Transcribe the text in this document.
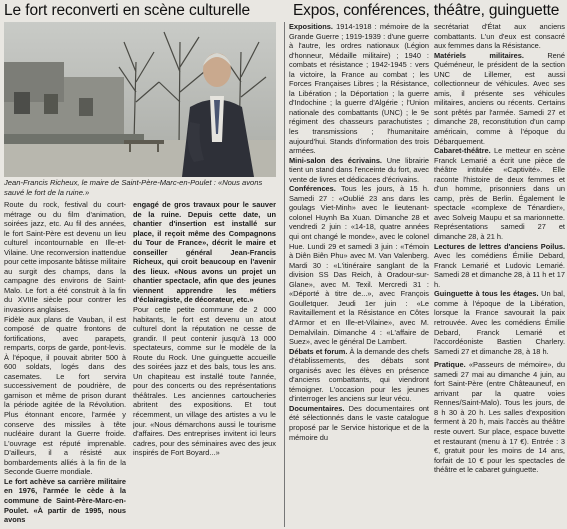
Le fort reconverti en scène culturelle	Expos, conférences, théâtre, guinguette

Jean-Francis Richeux, le maire de Saint-Père-Marc-en-Poulet : «Nous avons sauvé le fort de la ruine.»

Route du rock, festival du court-métrage ou du film d'animation, soirées jazz, etc. Au fil des années, le fort Saint-Père est devenu un lieu culturel incontournable en Ille-et-Vilaine. Une reconversion inattendue pour cette imposante bâtisse militaire au surgit des champs, dans la campagne des environs de Saint-Malo. Le fort a été construit à la fin du XVIIIe siècle pour contrer les invasions anglaises.

Fidèle aux plans de Vauban, il est composé de quatre frontons de fortifications, avec parapets, remparts, corps de garde, pont-levis. À l'époque, il pouvait abriter 500 à 600 soldats, logés dans des casemates. Le fort servira successivement de poudrière, de garnison et même de prison durant la période agitée de la Révolution. Plus étonnant encore, l'armée y conserve des missiles à tête nucléaire durant la Guerre froide. L'ouvrage est réputé imprenable. D'ailleurs, il a résisté aux bombardements alliés à la fin de la Seconde Guerre mondiale.

Le fort achève sa carrière militaire en 1976, l'armée le cède à la commune de Saint-Père-Marc-en-Poulet. «À partir de 1995, nous avons

engagé de gros travaux pour le sauver de la ruine. Depuis cette date, un chantier d'insertion est installé sur place, il reçoit même des Compagnons du Tour de France», décrit le maire et conseiller général Jean-Francis Richeux, qui croit beaucoup en l'avenir des lieux. «Nous avons un projet un chantier spectacle, afin que des jeunes viennent apprendre les métiers d'éclairagiste, de décorateur, etc.»

Pour cette petite commune de 2 000 habitants, le fort est devenu un atout culturel dont la réputation ne cesse de grandir. Il peut contenir jusqu'à 13 000 spectateurs, comme sur le modèle de la Route du Rock. Une guinguette accueille des soirées jazz et des bals, tous les ans. Un chapiteau est installé toute l'année, pour des concerts ou des représentations théâtrales. Les anciennes cartoucheries abritent des expositions. Et tout récemment, un village des artistes a vu le jour. «Nous démarchons aussi le tourisme d'affaires. Des entreprises invitent ici leurs cadres, pour des séminaires avec des jeux inspirés de Fort Boyard...»

Expositions. 1914-1918 : mémoire de la Grande Guerre ; 1919-1939 : d'une guerre à l'autre, les ordres nationaux (Légion d'honneur, Médaille militaire) ; 1940 : combats et résistance ; 1942-1945 : vers la victoire, la France au combat ; les Forces Françaises Libres ; la Résistance, la Libération ; la Déportation ; la guerre d'Indochine ; la guerre d'Algérie ; l'Union nationale des combattants (UNC) ; le 9e régiment des chasseurs parachutistes ; les transmissions ; l'humanitaire aujourd'hui. Stands d'information des trois armées.

Mini-salon des écrivains. Une librairie tient un stand dans l'enceinte du fort, avec vente de livres et dédicaces d'écrivains.

Conférences. Tous les jours, à 15 h. Samedi 27 : «Oublié 23 ans dans les goulags Viet-Minh» avec le lieutenant-colonel Huynh Ba Xuan. Dimanche 28 et vendredi 2 juin : «14-18, quatre années qui ont changé le monde», avec le colonel Hue. Lundi 29 et samedi 3 juin : «Témoin à Diên Biên Phu» avec M. Van Valenberg. Mardi 30 : «L'itinéraire sanglant de la division SS Das Reich, à Oradour-sur-Glane», avec M. Texil. Mercredi 31 : «Déporté à titre de...», avec François Goulletquer. Jeudi 1er juin : «Le Ravitaillement et la Résistance en Côtes d'Armor et en Ille-et-Vilaine», avec M. Demalvilain. Dimanche 4 : «L'affaire de Suez», avec le général De Lambert.

Débats et forum. À la demande des chefs d'établissements, des débats sont organisés avec les élèves en présence d'anciens combattants, qui viendront témoigner. L'occasion pour les jeunes d'interroger les anciens sur leur vécu.

Documentaires. Des documentaires ont été sélectionnés dans le vaste catalogue proposé par le Service historique et de la mémoire du

secrétariat d'État aux anciens combattants. L'un d'eux est consacré aux femmes dans la Résistance.

Matériels militaires. René Quéméneur, le président de la section UNC de Lillemer, est aussi collectionneur de véhicules. Avec ses amis, il présente ses véhicules militaires, anciens ou récents. Certains sont prêtés par l'armée. Samedi 27 et dimanche 28, reconstitution d'un camp américain, comme à l'époque du Débarquement.

Cabaret-théâtre. Le metteur en scène Franck Lemarié a écrit une pièce de théâtre intitulée «Captivité». Elle raconte l'histoire de deux femmes et d'un homme, prisonniers dans un camp, près de Berlin. Également le spectacle «complexe de Ténardier», avec Solveig Maupu et sa marionnette. Représentations samedi 27 et dimanche 28, à 21 h.

Lectures de lettres d'anciens Poilus. Avec les comédiens Émilie Debard, Franck Lemarié et Ludovic Lemarié. Samedi 28 et dimanche 28, à 11 h et 17 h.

Guinguette à tous les étages. Un bal, comme à l'époque de la Libération, lorsque la France savourait la paix retrouvée. Avec les comédiens Émilie Debard, Franck Lemarié et l'accordéoniste Bastien Charlery. Samedi 27 et dimanche 28, à 18 h.

Pratique. «Passeurs de mémoire», du samedi 27 mai au dimanche 4 juin, au fort Saint-Père (entre Châteauneuf, en arrivant par la quatre voies Rennes/Saint-Malo). Tous les jours, de 8 h 30 à 20 h. Les salles d'exposition ferment à 20 h, mais l'accès au théâtre reste ouvert. Sur place, espace buvette et restaurant (menu à 17 €). Entrée : 3 €, gratuit pour les moins de 14 ans, forfait de 10 € pour les spectacles de théâtre et le cabaret guinguette.
